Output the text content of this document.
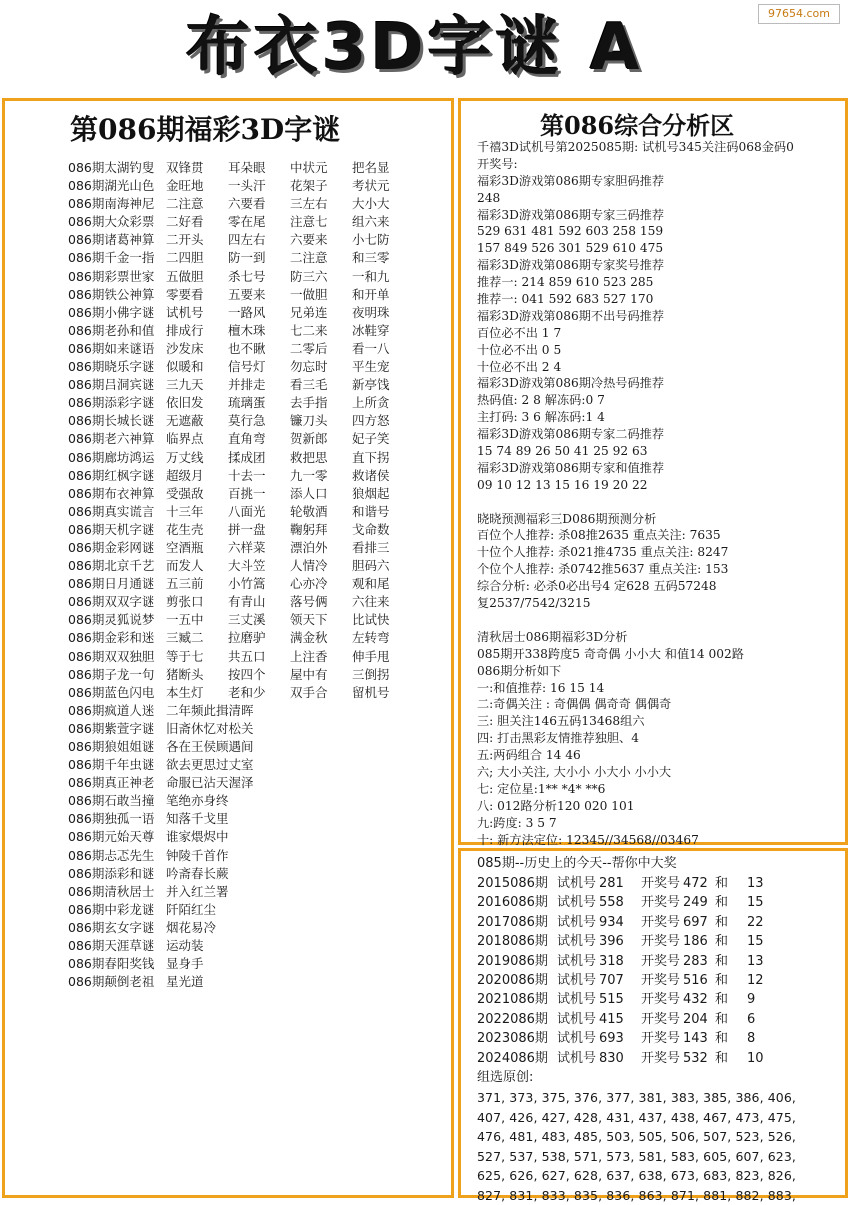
97654.com
布衣3D字谜 A
第086期福彩3D字谜
086期太湖钓叟 双锋贯	耳朵眼	中状元	把名显
086期湖光山色 金旺地	一头汗	花架子	考状元
086期南海神尼 二注意	六要看	三左右	大小大
086期大众彩票 二好看	零在尾	注意七	组六来
086期诸葛神算 二开头	四左右	六要来	小七防
086期千金一指 二四胆	防一到	二注意	和三零
086期彩票世家 五做胆	杀七号	防三六	一和九
086期铁公神算 零要看	五要来	一做胆	和开单
086期小佛字谜 试机号	一路风	兄弟连	夜明珠
086期老孙和值 排成行	檀木珠	七二来	冰鞋穿
086期如来谜语 沙发床	也不瞅	二零后	看一八
086期晓乐字谜 似暖和	信号灯	勿忘时	平生宠
086期吕洞宾谜 三九天	并排走	看三毛	新亭饯
086期添彩字谜 依旧发	琉璃蛋	去手指	上所贪
086期长城长谜 无遮蔽	莫行急	镰刀头	四方怒
086期老六神算 临界点	直角弯	贺新郎	妃子笑
086期廊坊鸿运 万丈线	揉成团	救把思	直下拐
086期红枫字谜 超级月	十去一	九一零	救诸侯
086期布衣神算 受强敌	百挑一	添人口	狼烟起
086期真实谎言 十三年	八面光	轮敬酒	和谐号
086期天机字谜 花生壳	拼一盘	鞠躬拜	戈命数
086期金彩网谜 空酒瓶	六样菜	漂泊外	看排三
086期北京千艺 而发人	大斗笠	人情冷	胆码六
086期日月通谜 五三前	小竹篙	心亦冷	观和尾
086期双双字谜 剪张口	有青山	落号俩	六往来
086期灵狐说梦 一五中	三丈溪	领天下	比试快
086期金彩和迷 三臧二	拉磨驴	满金秋	左转弯
086期双双独胆 等于七	共五口	上注香	伸手甩
086期子龙一句 猪断头	按四个	屋中有	三倒拐
086期蓝色闪电 本生灯	老和少	双手合	留机号
086期疯道人迷 二年频此揖清晖
086期紫萱字谜 旧斋休忆对松关
086期狼姐姐谜 各在王侯顾遇间
086期千年虫谜 欲去更思过丈室
086期真正神老 命服已沾天渥泽
086期石敢当撞 笔绝亦身终
086期独孤一语 知落千戈里
086期元始天尊 谁家煨烬中
086期忐忑先生 钟陵千首作
086期添彩和谜 吟斋春长蕨
086期清秋居士 并入红兰署
086期中彩龙谜 阡陌红尘
086期玄女字谜 烟花易冷
086期天涯草谜 运动装
086期春阳奖钱 显身手
086期颠倒老祖 星光道
第086综合分析区
千禧3D试机号第2025085期: 试机号345关注码068金码0
开奖号:
福彩3D游戏第086期专家胆码推荐
248
福彩3D游戏第086期专家三码推荐
529 631 481 592 603 258 159
157 849 526 301 529 610 475
福彩3D游戏第086期专家奖号推荐
推荐一: 214 859 610 523 285
推荐一: 041 592 683 527 170
福彩3D游戏第086期不出号码推荐
百位必不出 1 7
十位必不出 0 5
十位必不出 2 4
福彩3D游戏第086期冷热号码推荐
热码值: 2 8 解冻码:0 7
主打码: 3 6 解冻码:1 4
福彩3D游戏第086期专家二码推荐
15 74 89 26 50 41 25 92 63
福彩3D游戏第086期专家和值推荐
09 10 12 13 15 16 19 20 22
晓晓预测福彩三D086期预测分析
百位个人推荐: 杀08推2635 重点关注: 7635
十位个人推荐: 杀021推4735 重点关注: 8247
个位个人推荐: 杀0742推5637 重点关注: 153
综合分析: 必杀0必出号4 定628 五码57248
复2537/7542/3215
清秋居士086期福彩3D分析
085期开338跨度5 奇奇偶 小小大 和值14 002路
086期分析如下
一:和值推荐: 16 15 14
二:奇偶关注 : 奇偶偶 偶奇奇 偶偶奇
三: 胆关注146五码13468组六
四: 打击黑彩友情推荐独胆、4
五:两码组合 14 46
六; 大小关注, 大小小 小大小 小小大
七: 定位星:1** *4* **6
八: 012路分析120 020 101
九:跨度: 3 5 7
十: 新方法定位: 12345//34568//03467
085期--历史上的今天--帮你中大奖
2015086期 试机号 281	开奖号 472 和	13
2016086期 试机号 558	开奖号 249 和	15
2017086期 试机号 934	开奖号 697 和	22
2018086期 试机号 396	开奖号 186 和	15
2019086期 试机号 318	开奖号 283 和	13
2020086期 试机号 707	开奖号 516 和	12
2021086期 试机号 515	开奖号 432 和	9
2022086期 试机号 415	开奖号 204 和	6
2023086期 试机号 693	开奖号 143 和	8
2024086期 试机号 830	开奖号 532 和	10
组选原创:
371, 373, 375, 376, 377, 381, 383, 385, 386, 406,
407, 426, 427, 428, 431, 437, 438, 467, 473, 475,
476, 481, 483, 485, 503, 505, 506, 507, 523, 526,
527, 537, 538, 571, 573, 581, 583, 605, 607, 623,
625, 626, 627, 628, 637, 638, 673, 683, 823, 826,
827, 831, 833, 835, 836, 863, 871, 881, 882, 883,
